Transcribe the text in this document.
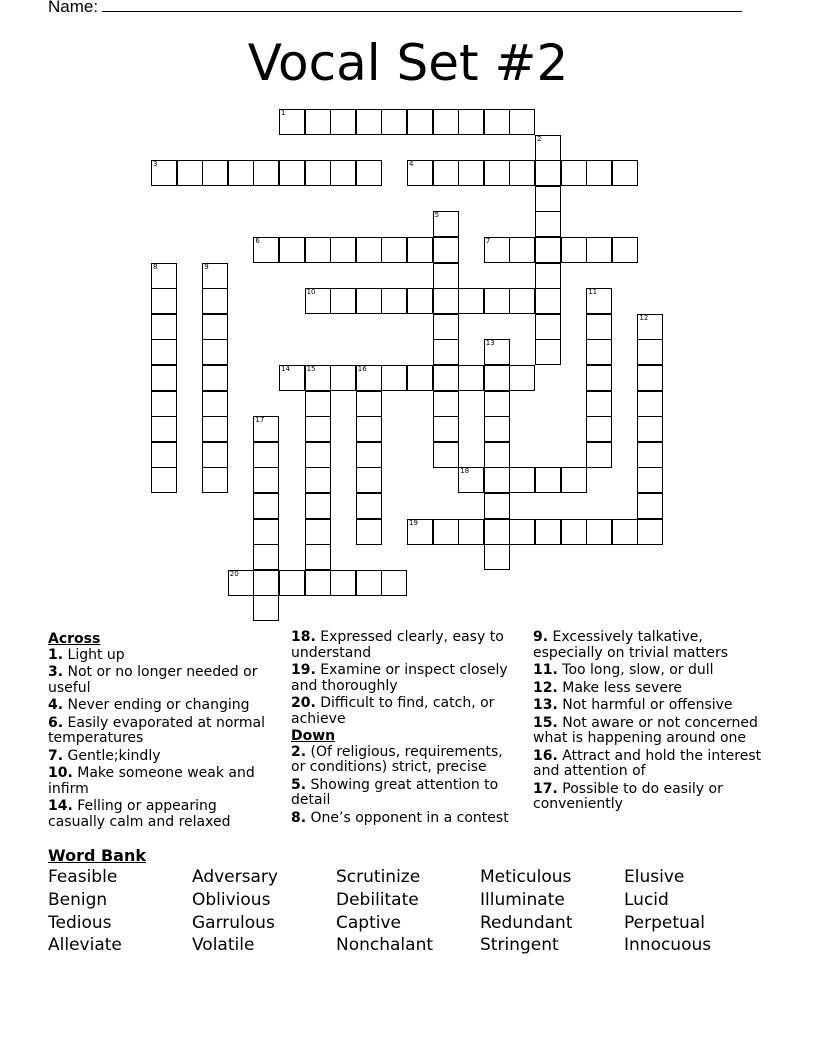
Name:
Vocal Set #2
1
2
3	4
5
6	7
8	9
10	11
12
13
14 15	16
17
18
19
20
Across
1. Light up
3. Not or no longer needed or useful
4. Never ending or changing
6. Easily evaporated at normal temperatures
7. Gentle;kindly
10. Make someone weak and infirm
14. Felling or appearing casually calm and relaxed
18. Expressed clearly, easy to understand
19. Examine or inspect closely and thoroughly
20. Difficult to find, catch, or achieve
Down
2. (Of religious, requirements, or conditions) strict, precise
5. Showing great attention to detail
8. One’s opponent in a contest
9. Excessively talkative, especially on trivial matters
11. Too long, slow, or dull
12. Make less severe
13. Not harmful or offensive
15. Not aware or not concerned what is happening around one
16. Attract and hold the interest and attention of
17. Possible to do easily or conveniently
Word Bank
Feasible	Adversary	Scrutinize	Meticulous	Elusive
Benign	Oblivious	Debilitate	Illuminate	Lucid
Tedious	Garrulous	Captive	Redundant	Perpetual
Alleviate	Volatile	Nonchalant	Stringent	Innocuous
